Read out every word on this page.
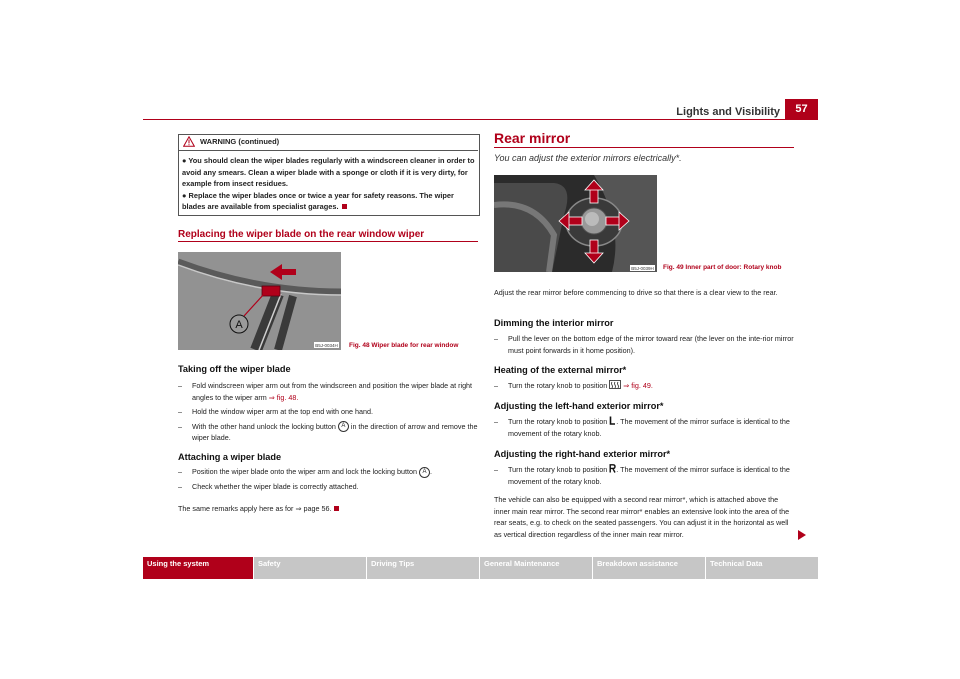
Lights and Visibility	57
WARNING (continued)

● You should clean the wiper blades regularly with a windscreen cleaner in order to avoid any smears. Clean a wiper blade with a sponge or cloth if it is very dirty, for example from insect residues.

● Replace the wiper blades once or twice a year for safety reasons. The wiper blades are available from specialist garages.

Replacing the wiper blade on the rear window wiper
A
B5J-0034H Fig. 48 Wiper blade for rear window
Taking off the wiper blade
– Fold windscreen wiper arm out from the windscreen and position the wiper blade at right angles to the wiper arm ⇒ fig. 48.
– Hold the window wiper arm at the top end with one hand.
– With the other hand unlock the locking button A in the direction of arrow and remove the wiper blade.
Attaching a wiper blade
– Position the wiper blade onto the wiper arm and lock the locking button A .
– Check whether the wiper blade is correctly attached.
The same remarks apply here as for ⇒ page 56.
Rear mirror
You can adjust the exterior mirrors electrically*.
B5J-0039H Fig. 49 Inner part of door: Rotary knob
Adjust the rear mirror before commencing to drive so that there is a clear view to the rear.
Dimming the interior mirror
– Pull the lever on the bottom edge of the mirror toward rear (the lever on the inte-rior mirror must point forwards in it home position).
Heating of the external mirror*
– Turn the rotary knob to position  ⇒ fig. 49.
Adjusting the left-hand exterior mirror*
– Turn the rotary knob to position . The movement of the mirror surface is identical to the movement of the rotary knob.
Adjusting the right-hand exterior mirror*
– Turn the rotary knob to position . The movement of the mirror surface is identical to the movement of the rotary knob.
The vehicle can also be equipped with a second rear mirror*, which is attached above the inner main rear mirror. The second rear mirror* enables an extensive look into the area of the rear seats, e.g. to check on the seated passengers. You can adjust it in the horizontal as well as vertical direction regardless of the inner main rear mirror.
Using the system	Safety	Driving Tips	General Maintenance	Breakdown assistance	Technical Data
